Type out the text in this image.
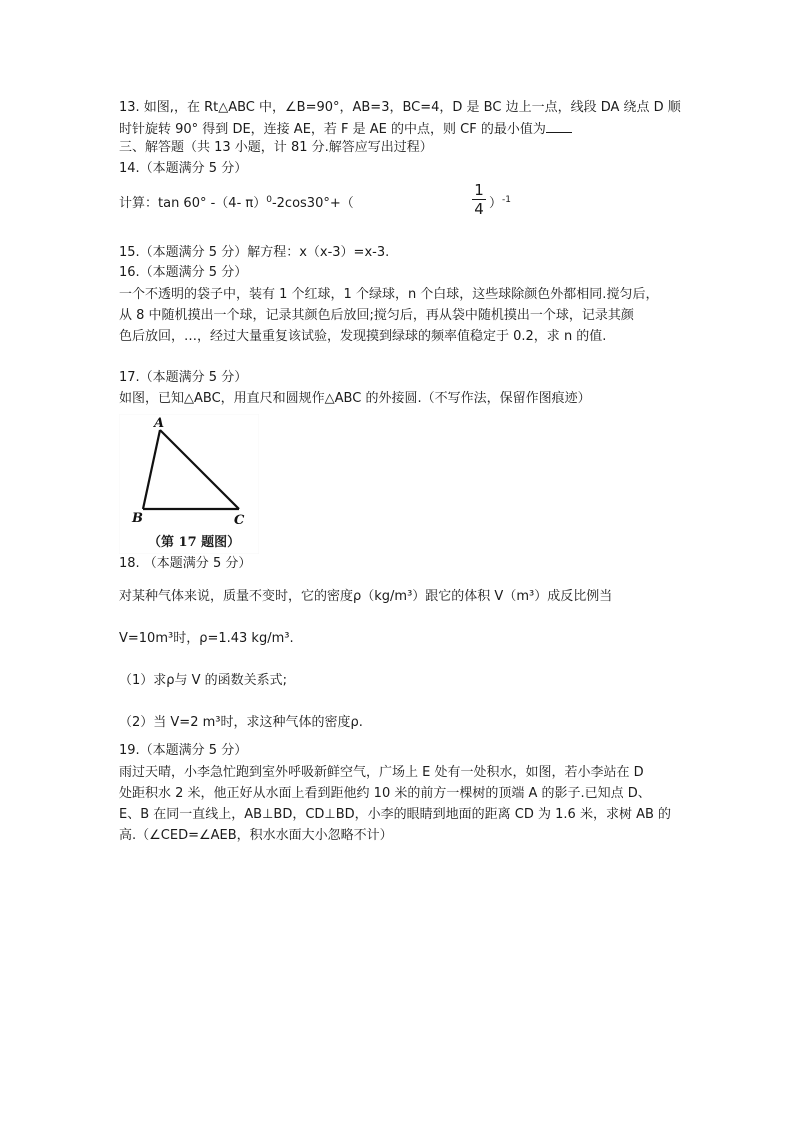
13. 如图,，在 Rt△ABC 中，∠B=90°，AB=3，BC=4，D 是 BC 边上一点，线段 DA 绕点 D 顺
时针旋转 90° 得到 DE，连接 AE，若 F 是 AE 的中点，则 CF 的最小值为
三、解答题（共 13 小题，计 81 分.解答应写出过程）
14.（本题满分 5 分）
计算：tan 60° -（4- π）$^0$-2cos30°+（
1
4 ）$^{-1}$
15.（本题满分 5 分）解方程：x（x-3）=x-3.
16.（本题满分 5 分）
一个不透明的袋子中，装有 1 个红球，1 个绿球，n 个白球，这些球除颜色外都相同.搅匀后，
从 8 中随机摸出一个球，记录其颜色后放回;搅匀后，再从袋中随机摸出一个球，记录其颜
色后放回，…，经过大量重复该试验，发现摸到绿球的频率值稳定于 0.2，求 n 的值.
17.（本题满分 5 分）
如图，已知△ABC，用直尺和圆规作△ABC 的外接圆.（不写作法，保留作图痕迹）
A
B	C
（第 17 题图）
18. （本题满分 5 分）
对某种气体来说，质量不变时，它的密度ρ（kg/m³）跟它的体积 V（m³）成反比例当
V=10m³时，ρ=1.43 kg/m³.
（1）求ρ与 V 的函数关系式;
（2）当 V=2 m³时，求这种气体的密度ρ.
19.（本题满分 5 分）
雨过天晴，小李急忙跑到室外呼吸新鲜空气，广场上 E 处有一处积水，如图，若小李站在 D
处距积水 2 米，他正好从水面上看到距他约 10 米的前方一棵树的顶端 A 的影子.已知点 D、
E、B 在同一直线上，AB⊥BD，CD⊥BD，小李的眼睛到地面的距离 CD 为 1.6 米，求树 AB 的
高.（∠CED=∠AEB，积水水面大小忽略不计）
